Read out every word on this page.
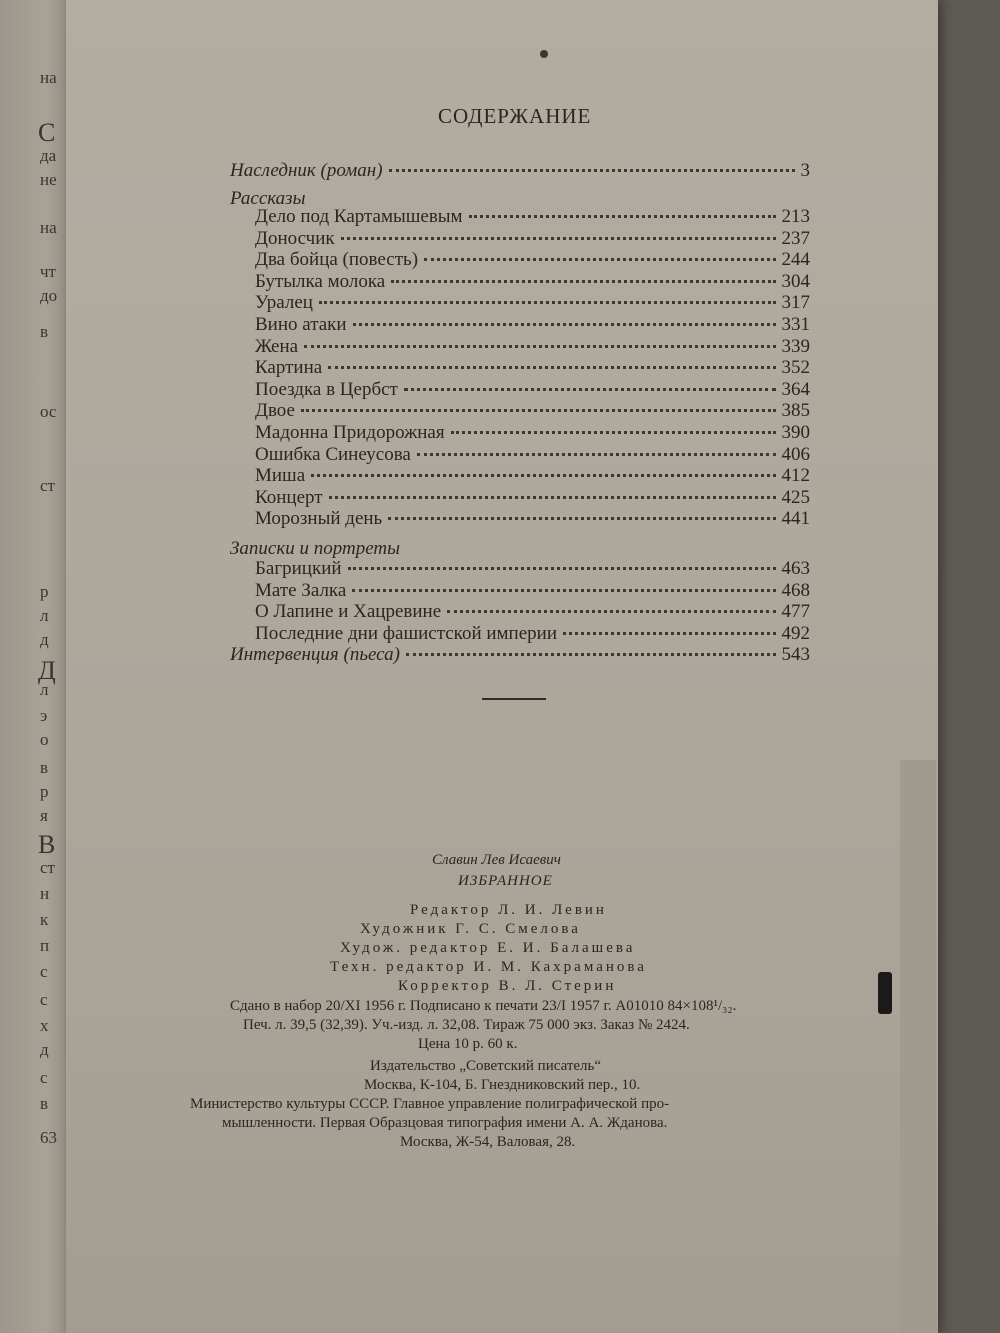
на
С
да
не
на
чт
до
в
ос
ст
р
л
д
Д
л
э
о
в
р
я
В
ст
н
к
п
с
с
х
д
с
в
63
СОДЕРЖАНИЕ
Наследник (роман)	3
Рассказы
Дело под Картамышевым	213
Доносчик	237
Два бойца (повесть)	244
Бутылка молока	304
Уралец	317
Вино атаки	331
Жена	339
Картина	352
Поездка в Цербст	364
Двое	385
Мадонна Придорожная	390
Ошибка Синеусова	406
Миша	412
Концерт	425
Морозный день	441
Записки и портреты
Багрицкий	463
Мате Залка	468
О Лапине и Хацревине	477
Последние дни фашистской империи	492
Интервенция (пьеса)	543
Славин Лев Исаевич
ИЗБРАННОЕ
Редактор Л. И. Левин
Художник Г. С. Смелова
Худож. редактор Е. И. Балашева
Техн. редактор И. М. Кахраманова
Корректор В. Л. Стерин
Сдано в набор 20/XI 1956 г. Подписано к печати 23/I 1957 г. А01010 84×108¹/₃₂.
Печ. л. 39,5 (32,39). Уч.-изд. л. 32,08. Тираж 75 000 экз. Заказ № 2424.
Цена 10 р. 60 к.
Издательство „Советский писатель“
Москва, К-104, Б. Гнездниковский пер., 10.
Министерство культуры СССР. Главное управление полиграфической про-
мышленности. Первая Образцовая типография имени А. А. Жданова.
Москва, Ж-54, Валовая, 28.
